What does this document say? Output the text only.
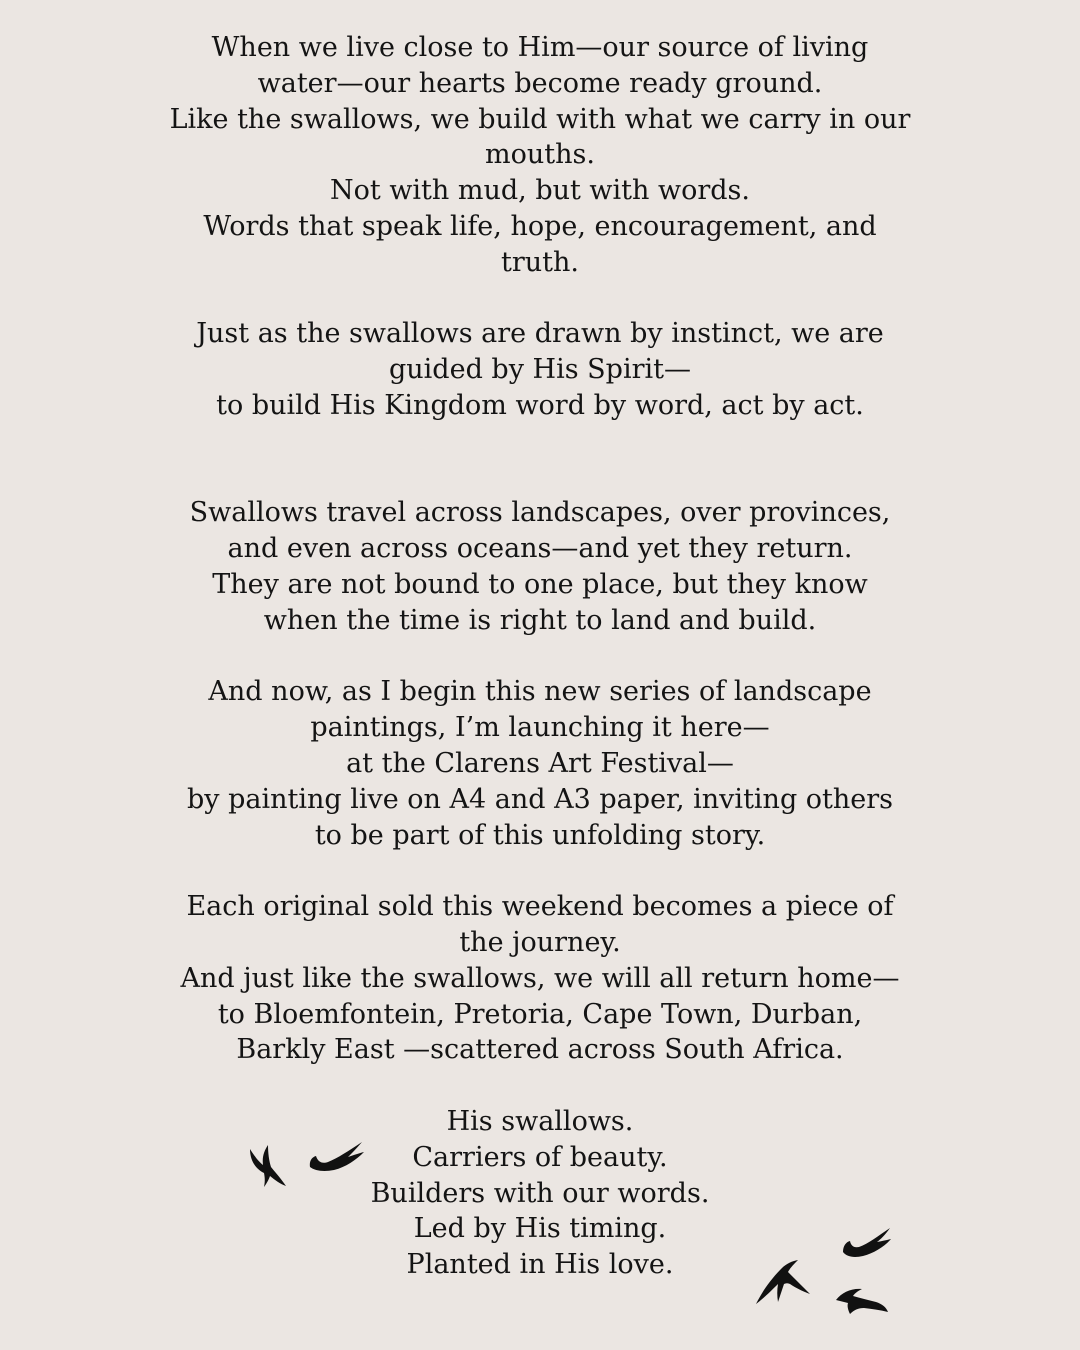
When we live close to Him—our source of living
water—our hearts become ready ground.
Like the swallows, we build with what we carry in our
mouths.
Not with mud, but with words.
Words that speak life, hope, encouragement, and
truth.
Just as the swallows are drawn by instinct, we are
guided by His Spirit—
to build His Kingdom word by word, act by act.
Swallows travel across landscapes, over provinces,
and even across oceans—and yet they return.
They are not bound to one place, but they know
when the time is right to land and build.
And now, as I begin this new series of landscape
paintings, I’m launching it here—
at the Clarens Art Festival—
by painting live on A4 and A3 paper, inviting others
to be part of this unfolding story.
Each original sold this weekend becomes a piece of
the journey.
And just like the swallows, we will all return home—
to Bloemfontein, Pretoria, Cape Town, Durban,
Barkly East —scattered across South Africa.
His swallows.
Carriers of beauty.
Builders with our words.
Led by His timing.
Planted in His love.
